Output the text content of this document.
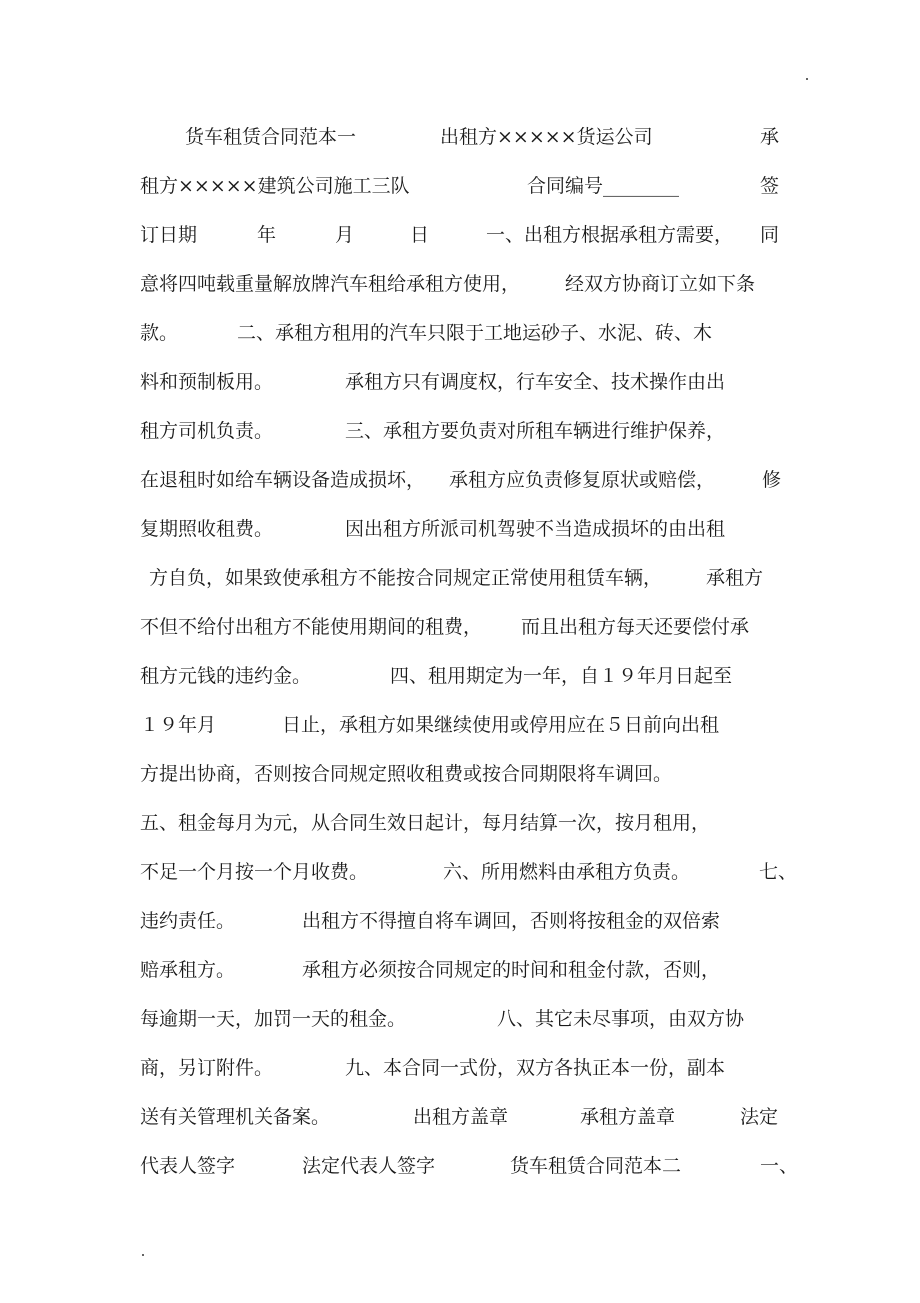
货车租赁合同范本一	出租方×××××货运公司	承
租方×××××建筑公司施工三队	合同编号________	签
订日期	年	月	日	一、出租方根据承租方需要， 同
意将四吨载重量解放牌汽车租给承租方使用， 经双方协商订立如下条
款。	二、承租方租用的汽车只限于工地运砂子、水泥、砖、木
料和预制板用。	承租方只有调度权，行车安全、技术操作由出
租方司机负责。	三、承租方要负责对所租车辆进行维护保养，
在退租时如给车辆设备造成损坏， 承租方应负责修复原状或赔偿， 修
复期照收租费。	因出租方所派司机驾驶不当造成损坏的由出租
方自负，如果致使承租方不能按合同规定正常使用租赁车辆， 承租方
不但不给付出租方不能使用期间的租费， 而且出租方每天还要偿付承
租方元钱的违约金。	四、租用期定为一年，自１９年月日起至
１９年月	日止，承租方如果继续使用或停用应在５日前向出租
方提出协商，否则按合同规定照收租费或按合同期限将车调回。
五、租金每月为元，从合同生效日起计，每月结算一次，按月租用，
不足一个月按一个月收费。	六、所用燃料由承租方负责。	七、
违约责任。	出租方不得擅自将车调回，否则将按租金的双倍索
赔承租方。	承租方必须按合同规定的时间和租金付款，否则，
每逾期一天，加罚一天的租金。	八、其它未尽事项，由双方协
商，另订附件。	九、本合同一式份，双方各执正本一份，副本
送有关管理机关备案。	出租方盖章	承租方盖章	法定
代表人签字	法定代表人签字	货车租赁合同范本二	一、
